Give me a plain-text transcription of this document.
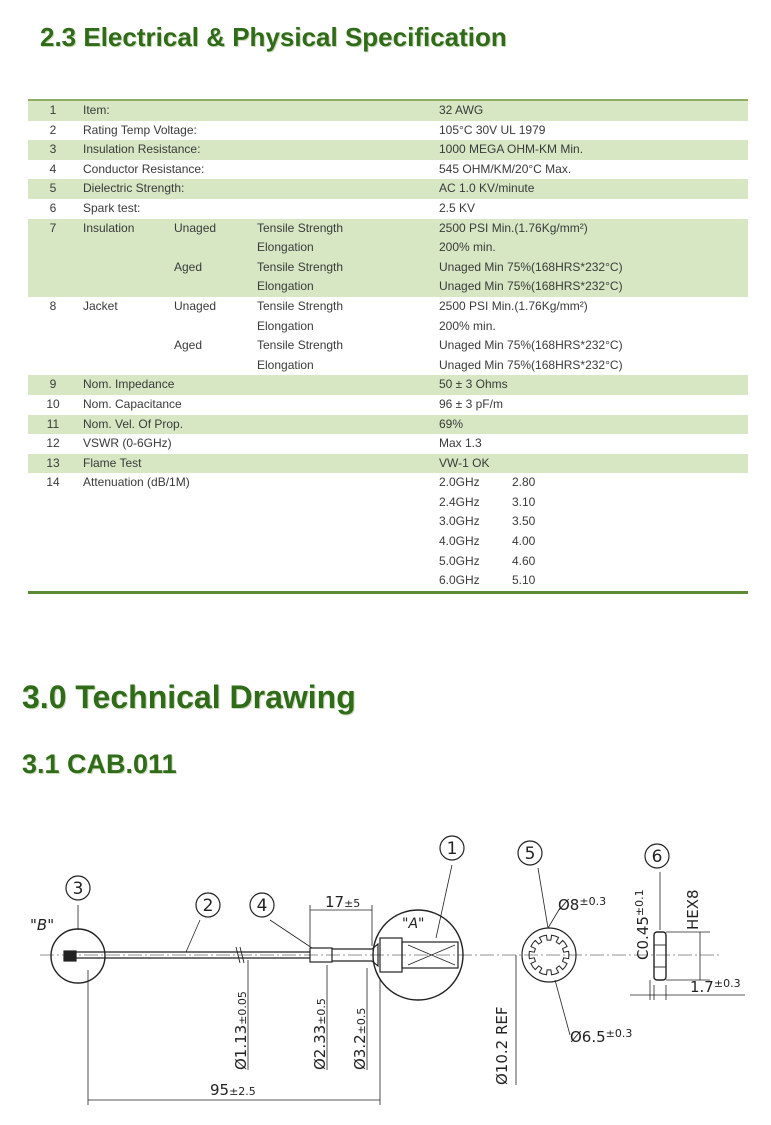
2.3 Electrical & Physical Specification
1	Item:			32 AWG
2	Rating Temp Voltage:			105°C 30V UL 1979
3	Insulation Resistance:			1000 MEGA OHM-KM Min.
4	Conductor Resistance:			545 OHM/KM/20°C Max.
5	Dielectric Strength:			AC 1.0 KV/minute
6	Spark test:			2.5 KV
7	Insulation	Unaged	Tensile Strength	2500 PSI Min.(1.76Kg/mm²)
			Elongation	200% min.
		Aged	Tensile Strength	Unaged Min 75%(168HRS*232°C)
			Elongation	Unaged Min 75%(168HRS*232°C)
8	Jacket	Unaged	Tensile Strength	2500 PSI Min.(1.76Kg/mm²)
			Elongation	200% min.
		Aged	Tensile Strength	Unaged Min 75%(168HRS*232°C)
			Elongation	Unaged Min 75%(168HRS*232°C)
9	Nom. Impedance			50 ± 3 Ohms
10	Nom. Capacitance			96 ± 3 pF/m
11	Nom. Vel. Of Prop.			69%
12	VSWR (0-6GHz)			Max 1.3
13	Flame Test			VW-1 OK
14	Attenuation (dB/1M)			2.0GHz 2.80
				2.4GHz 3.10
				3.0GHz 3.50
				4.0GHz 4.00
				5.0GHz 4.60
				6.0GHz 5.10
3.0 Technical Drawing
3.1 CAB.011
"B"	"A"
17±5
95±2.5
Ø1.13±0.05
Ø2.33±0.5
Ø3.2±0.5	Ø10.2 REF
$Ø8^{\pm 0.3}$
$Ø6.5^{\pm 0.3}$
HEX8
$C0.45^{\pm 0.1}$
$1.7^{\pm 0.3}$
1
2
3
4
5	6
